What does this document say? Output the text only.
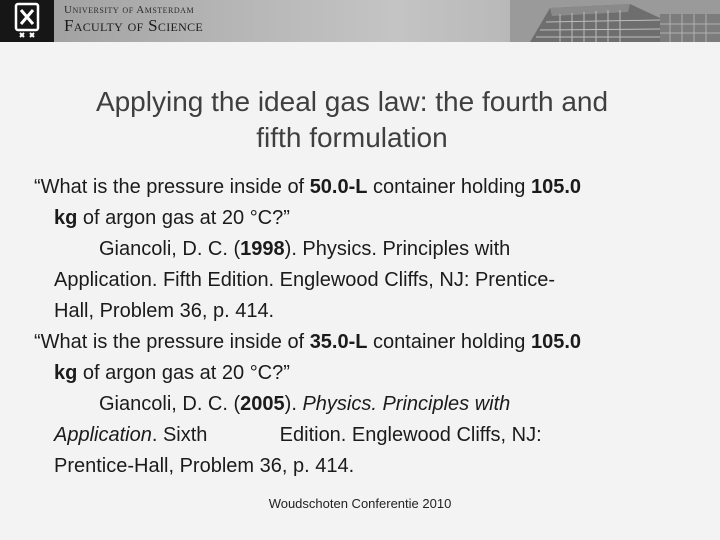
University of Amsterdam
Faculty of Science
Applying the ideal gas law: the fourth and
fifth formulation

“What is the pressure inside of 50.0-L container holding 105.0
kg of argon gas at 20 °C?”

Giancoli, D. C. (1998). Physics. Principles with
Application. Fifth Edition. Englewood Cliffs, NJ: Prentice-
Hall, Problem 36, p. 414.

“What is the pressure inside of 35.0-L container holding 105.0
kg of argon gas at 20 °C?”

Giancoli, D. C. (2005). Physics. Principles with
Application. Sixth             Edition. Englewood Cliffs, NJ:
Prentice-Hall, Problem 36, p. 414.

Woudschoten Conferentie 2010
